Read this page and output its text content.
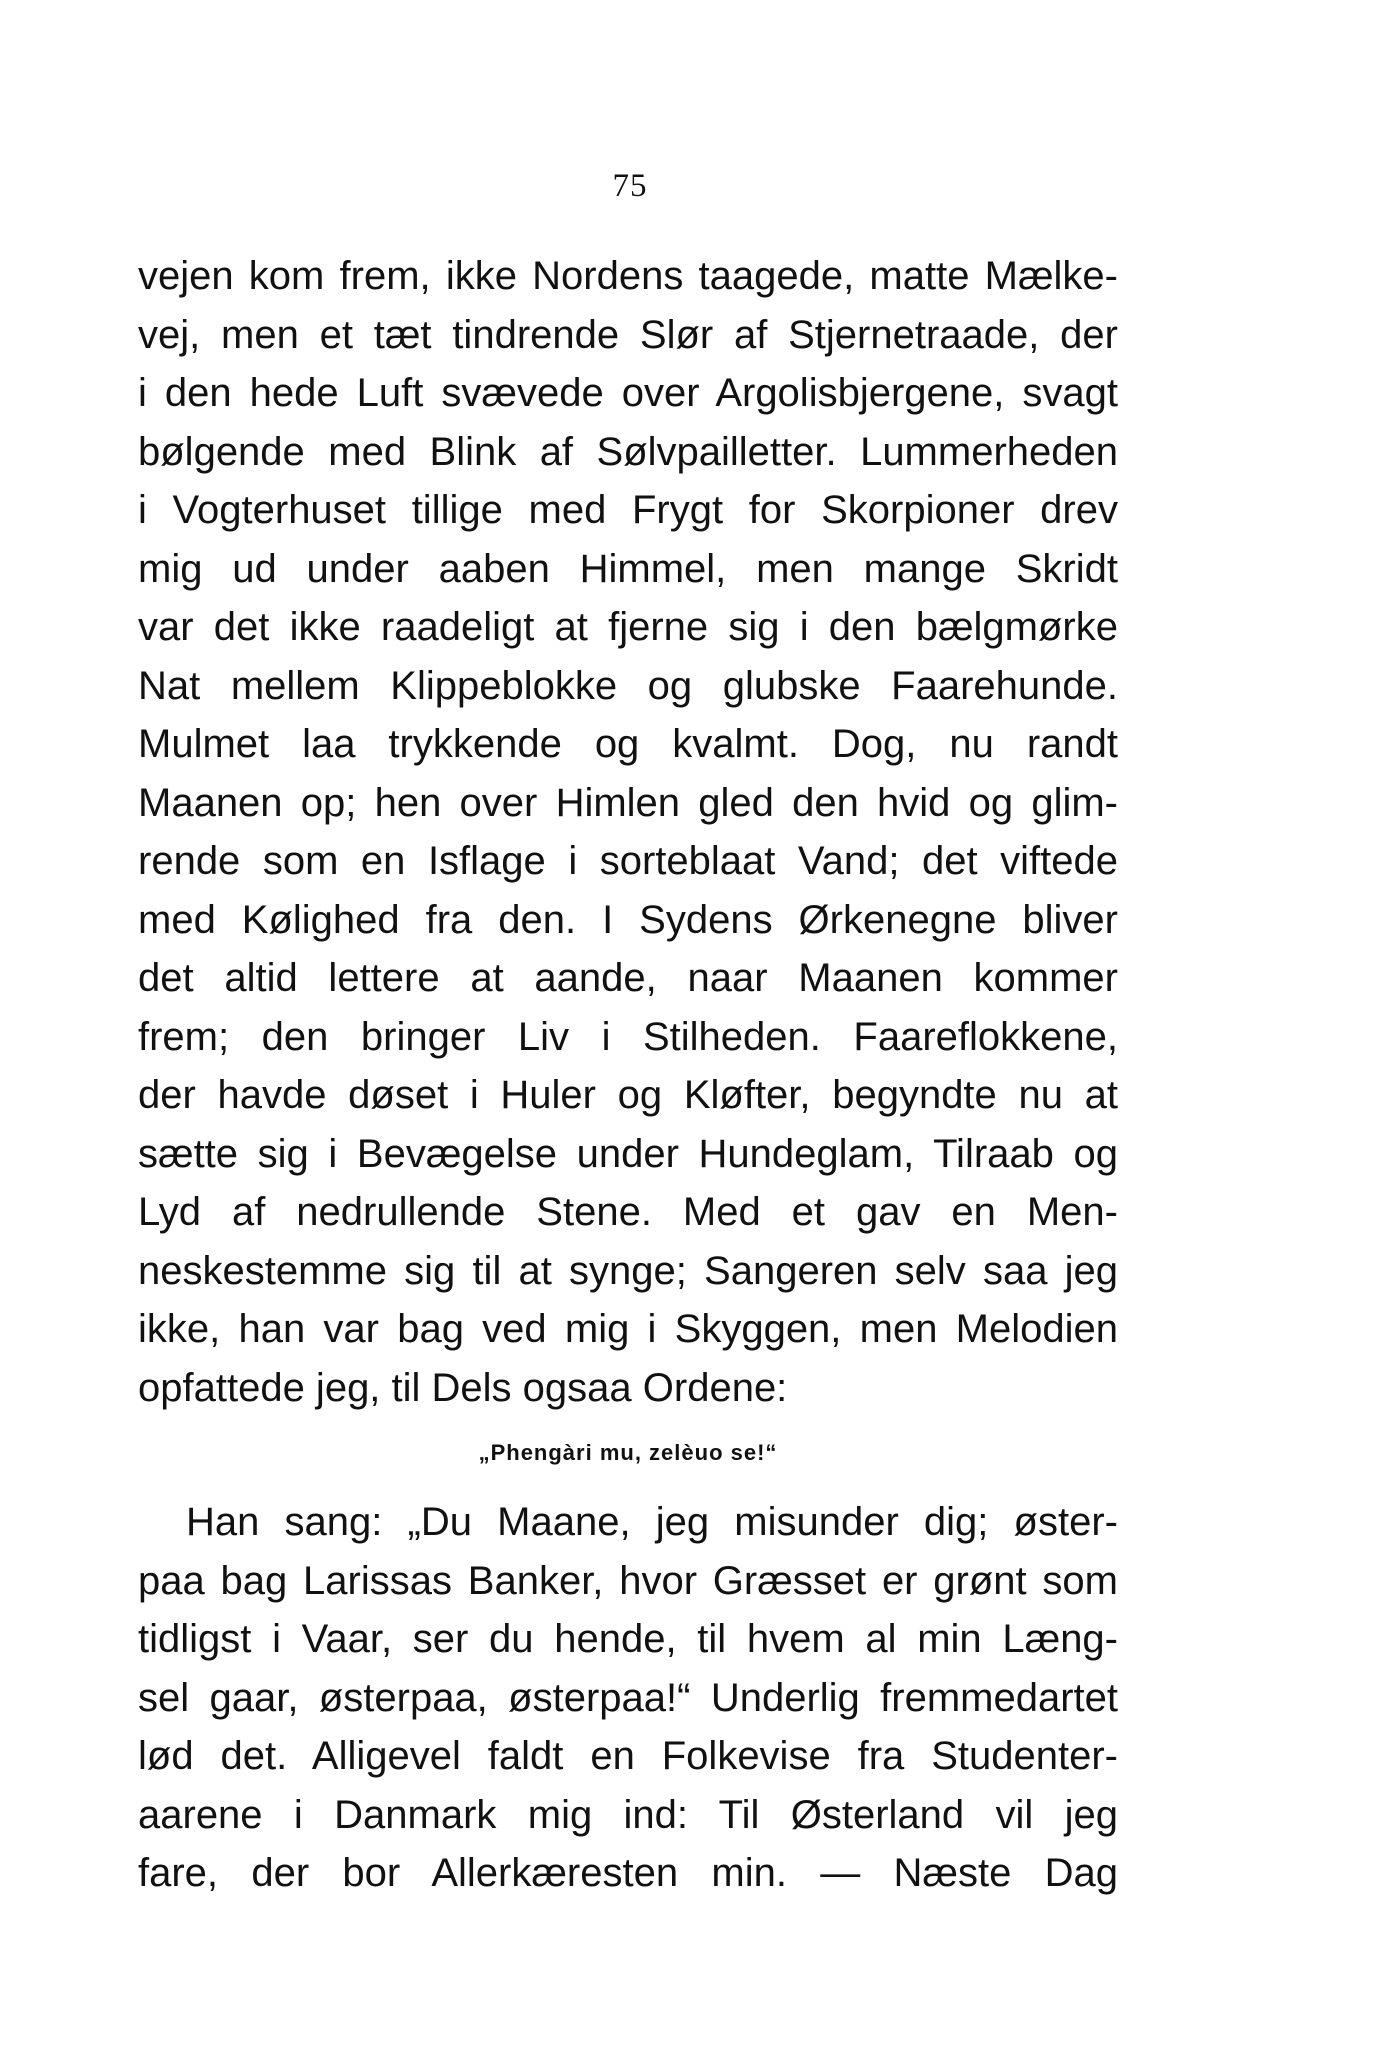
75
vejen kom frem, ikke Nordens taagede, matte Mælke-
vej, men et tæt tindrende Slør af Stjernetraade, der
i den hede Luft svævede over Argolisbjergene, svagt
bølgende med Blink af Sølvpailletter. Lummerheden
i Vogterhuset tillige med Frygt for Skorpioner drev
mig ud under aaben Himmel, men mange Skridt
var det ikke raadeligt at fjerne sig i den bælgmørke
Nat mellem Klippeblokke og glubske Faarehunde.
Mulmet laa trykkende og kvalmt. Dog, nu randt
Maanen op; hen over Himlen gled den hvid og glim-
rende som en Isflage i sorteblaat Vand; det viftede
med Kølighed fra den. I Sydens Ørkenegne bliver
det altid lettere at aande, naar Maanen kommer
frem; den bringer Liv i Stilheden. Faareflokkene,
der havde døset i Huler og Kløfter, begyndte nu at
sætte sig i Bevægelse under Hundeglam, Tilraab og
Lyd af nedrullende Stene. Med et gav en Men-
neskestemme sig til at synge; Sangeren selv saa jeg
ikke, han var bag ved mig i Skyggen, men Melodien
opfattede jeg, til Dels ogsaa Ordene:
„Phengàri mu, zelèuo se!“
Han sang: „Du Maane, jeg misunder dig; øster-
paa bag Larissas Banker, hvor Græsset er grønt som
tidligst i Vaar, ser du hende, til hvem al min Læng-
sel gaar, østerpaa, østerpaa!“ Underlig fremmedartet
lød det. Alligevel faldt en Folkevise fra Studenter-
aarene i Danmark mig ind: Til Østerland vil jeg
fare, der bor Allerkæresten min. — Næste Dag
